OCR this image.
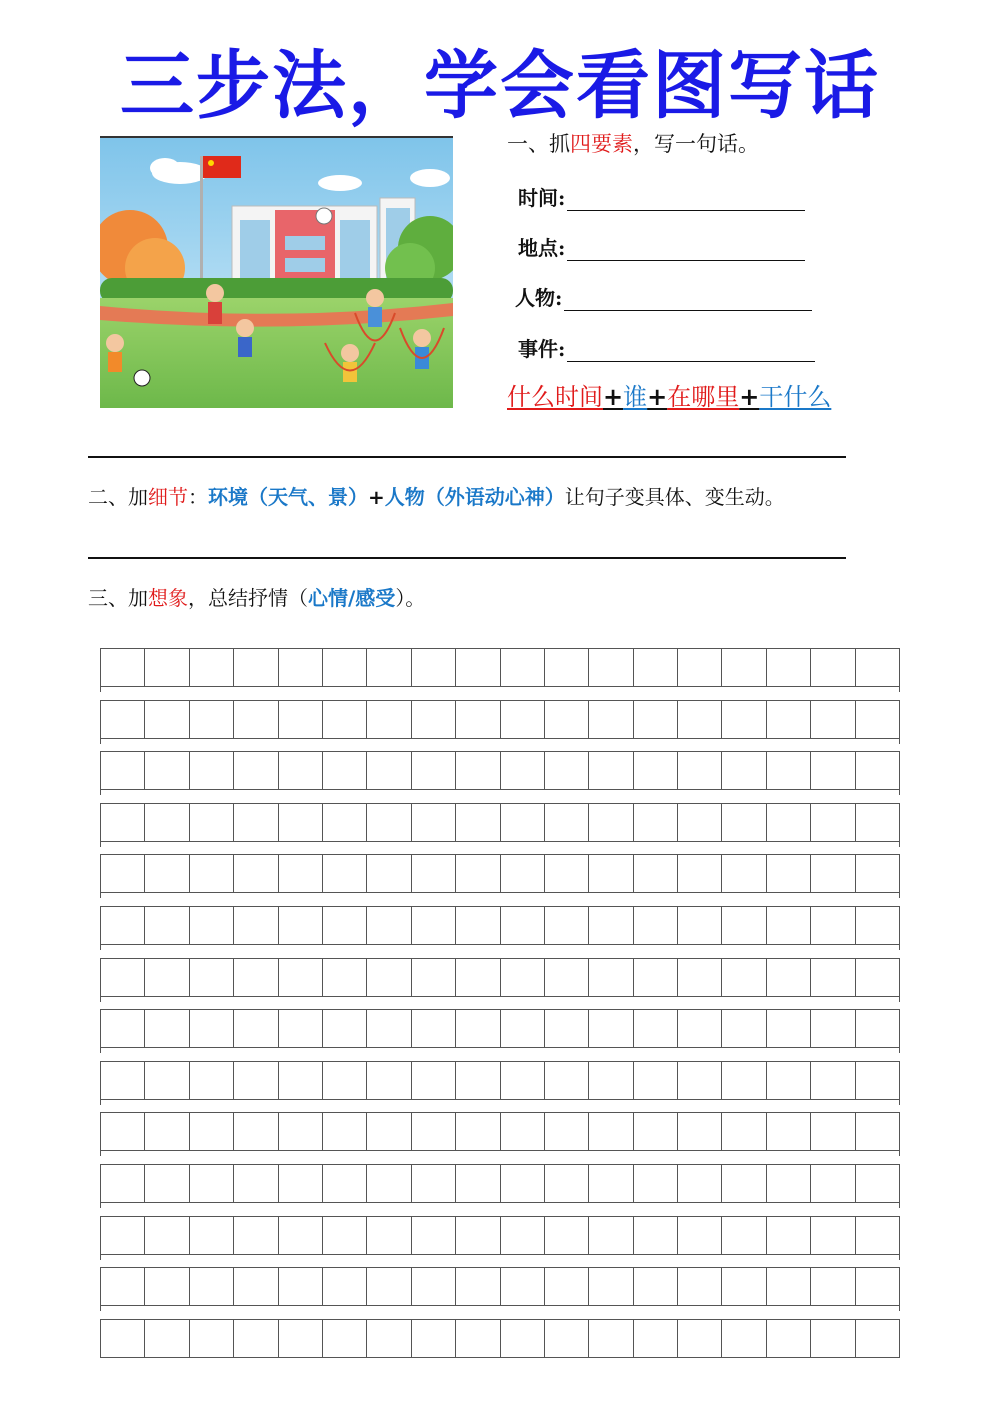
三步法，学会看图写话
一、抓四要素，写一句话。
时间:
地点:
人物:
事件:
什么时间+谁+在哪里+干什么
二、加细节：环境（天气、景）+人物（外语动心神）让句子变具体、变生动。
三、加想象，总结抒情（心情/感受）。
